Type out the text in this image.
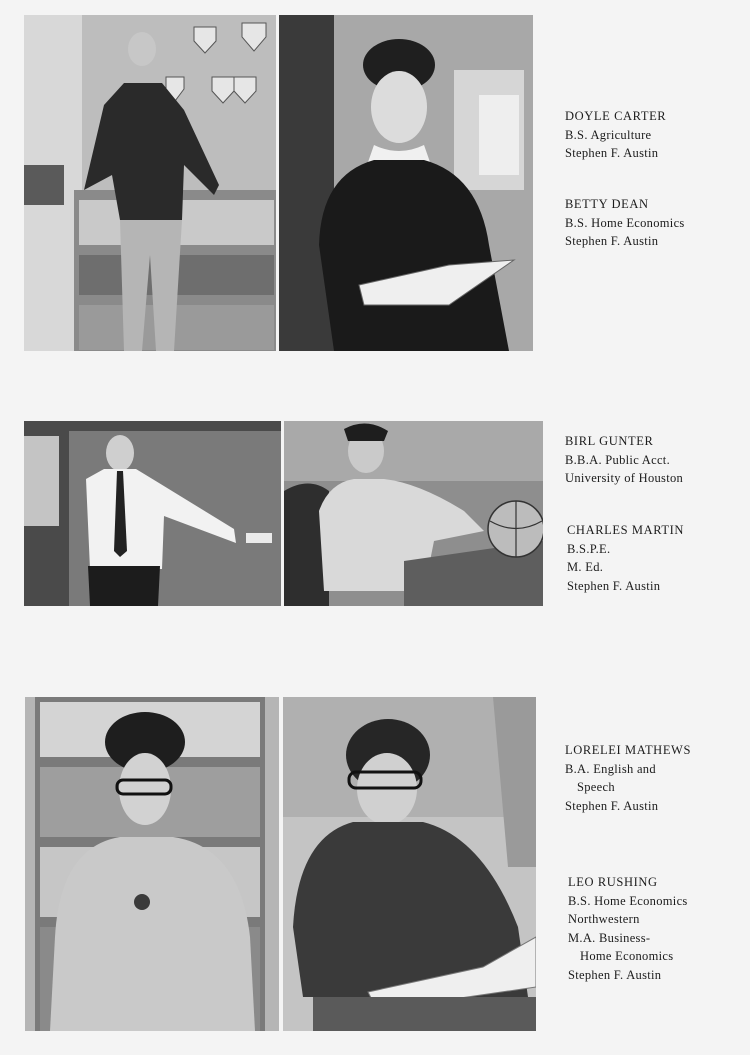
DOYLE CARTER
B.S. Agriculture
Stephen F. Austin
BETTY DEAN
B.S. Home Economics
Stephen F. Austin
BIRL GUNTER
B.B.A. Public Acct.
University of Houston
CHARLES MARTIN
B.S.P.E.
M. Ed.
Stephen F. Austin
LORELEI MATHEWS
B.A. English and
Speech
Stephen F. Austin
LEO RUSHING
B.S. Home Economics
Northwestern
M.A. Business-
Home Economics
Stephen F. Austin
